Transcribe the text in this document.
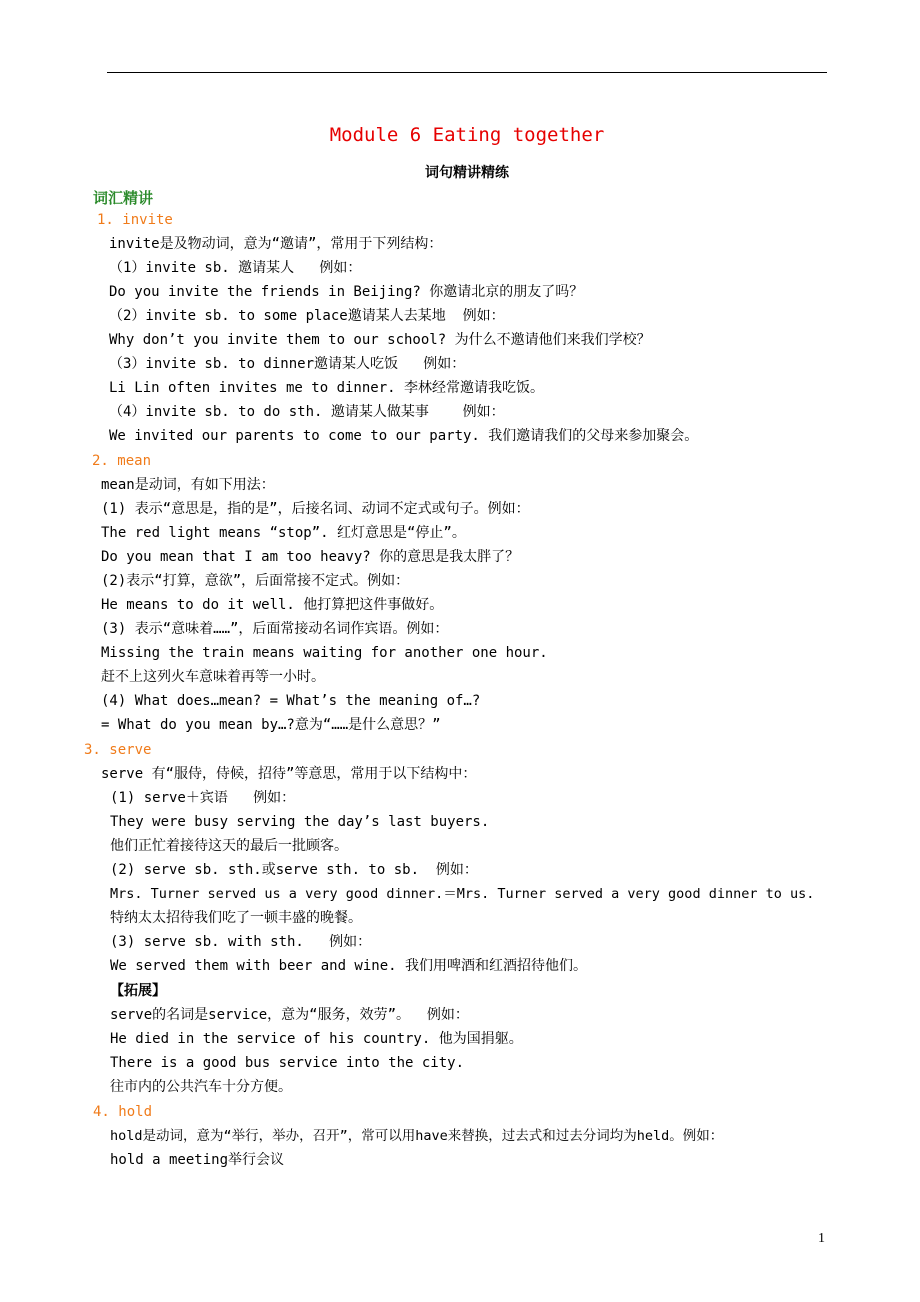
Module 6 Eating together
词句精讲精练
词汇精讲
1. invite
invite是及物动词，意为“邀请”，常用于下列结构：
（1）invite sb. 邀请某人   例如：
Do you invite the friends in Beijing? 你邀请北京的朋友了吗？
（2）invite sb. to some place邀请某人去某地  例如：
Why don’t you invite them to our school? 为什么不邀请他们来我们学校？
（3）invite sb. to dinner邀请某人吃饭   例如：
Li Lin often invites me to dinner. 李林经常邀请我吃饭。
（4）invite sb. to do sth. 邀请某人做某事    例如：
We invited our parents to come to our party. 我们邀请我们的父母来参加聚会。
2. mean
mean是动词，有如下用法：
(1) 表示“意思是，指的是”，后接名词、动词不定式或句子。例如：
The red light means “stop”. 红灯意思是“停止”。
Do you mean that I am too heavy? 你的意思是我太胖了？
(2)表示“打算，意欲”，后面常接不定式。例如：
He means to do it well. 他打算把这件事做好。
(3) 表示“意味着……”，后面常接动名词作宾语。例如：
Missing the train means waiting for another one hour.
赶不上这列火车意味着再等一小时。
(4) What does…mean? = What’s the meaning of…?
= What do you mean by…?意为“……是什么意思？”
3. serve
serve 有“服侍，侍候，招待”等意思，常用于以下结构中：
(1) serve＋宾语   例如：
They were busy serving the day’s last buyers.
他们正忙着接待这天的最后一批顾客。
(2) serve sb. sth.或serve sth. to sb.  例如：
Mrs. Turner served us a very good dinner.＝Mrs. Turner served a very good dinner to us.
特纳太太招待我们吃了一顿丰盛的晚餐。
(3) serve sb. with sth.   例如：
We served them with beer and wine. 我们用啤酒和红酒招待他们。
【拓展】
serve的名词是service，意为“服务，效劳”。  例如：
He died in the service of his country. 他为国捐躯。
There is a good bus service into the city.
往市内的公共汽车十分方便。
4. hold
hold是动词，意为“举行，举办，召开”，常可以用have来替换，过去式和过去分词均为held。例如：
hold a meeting举行会议
1
